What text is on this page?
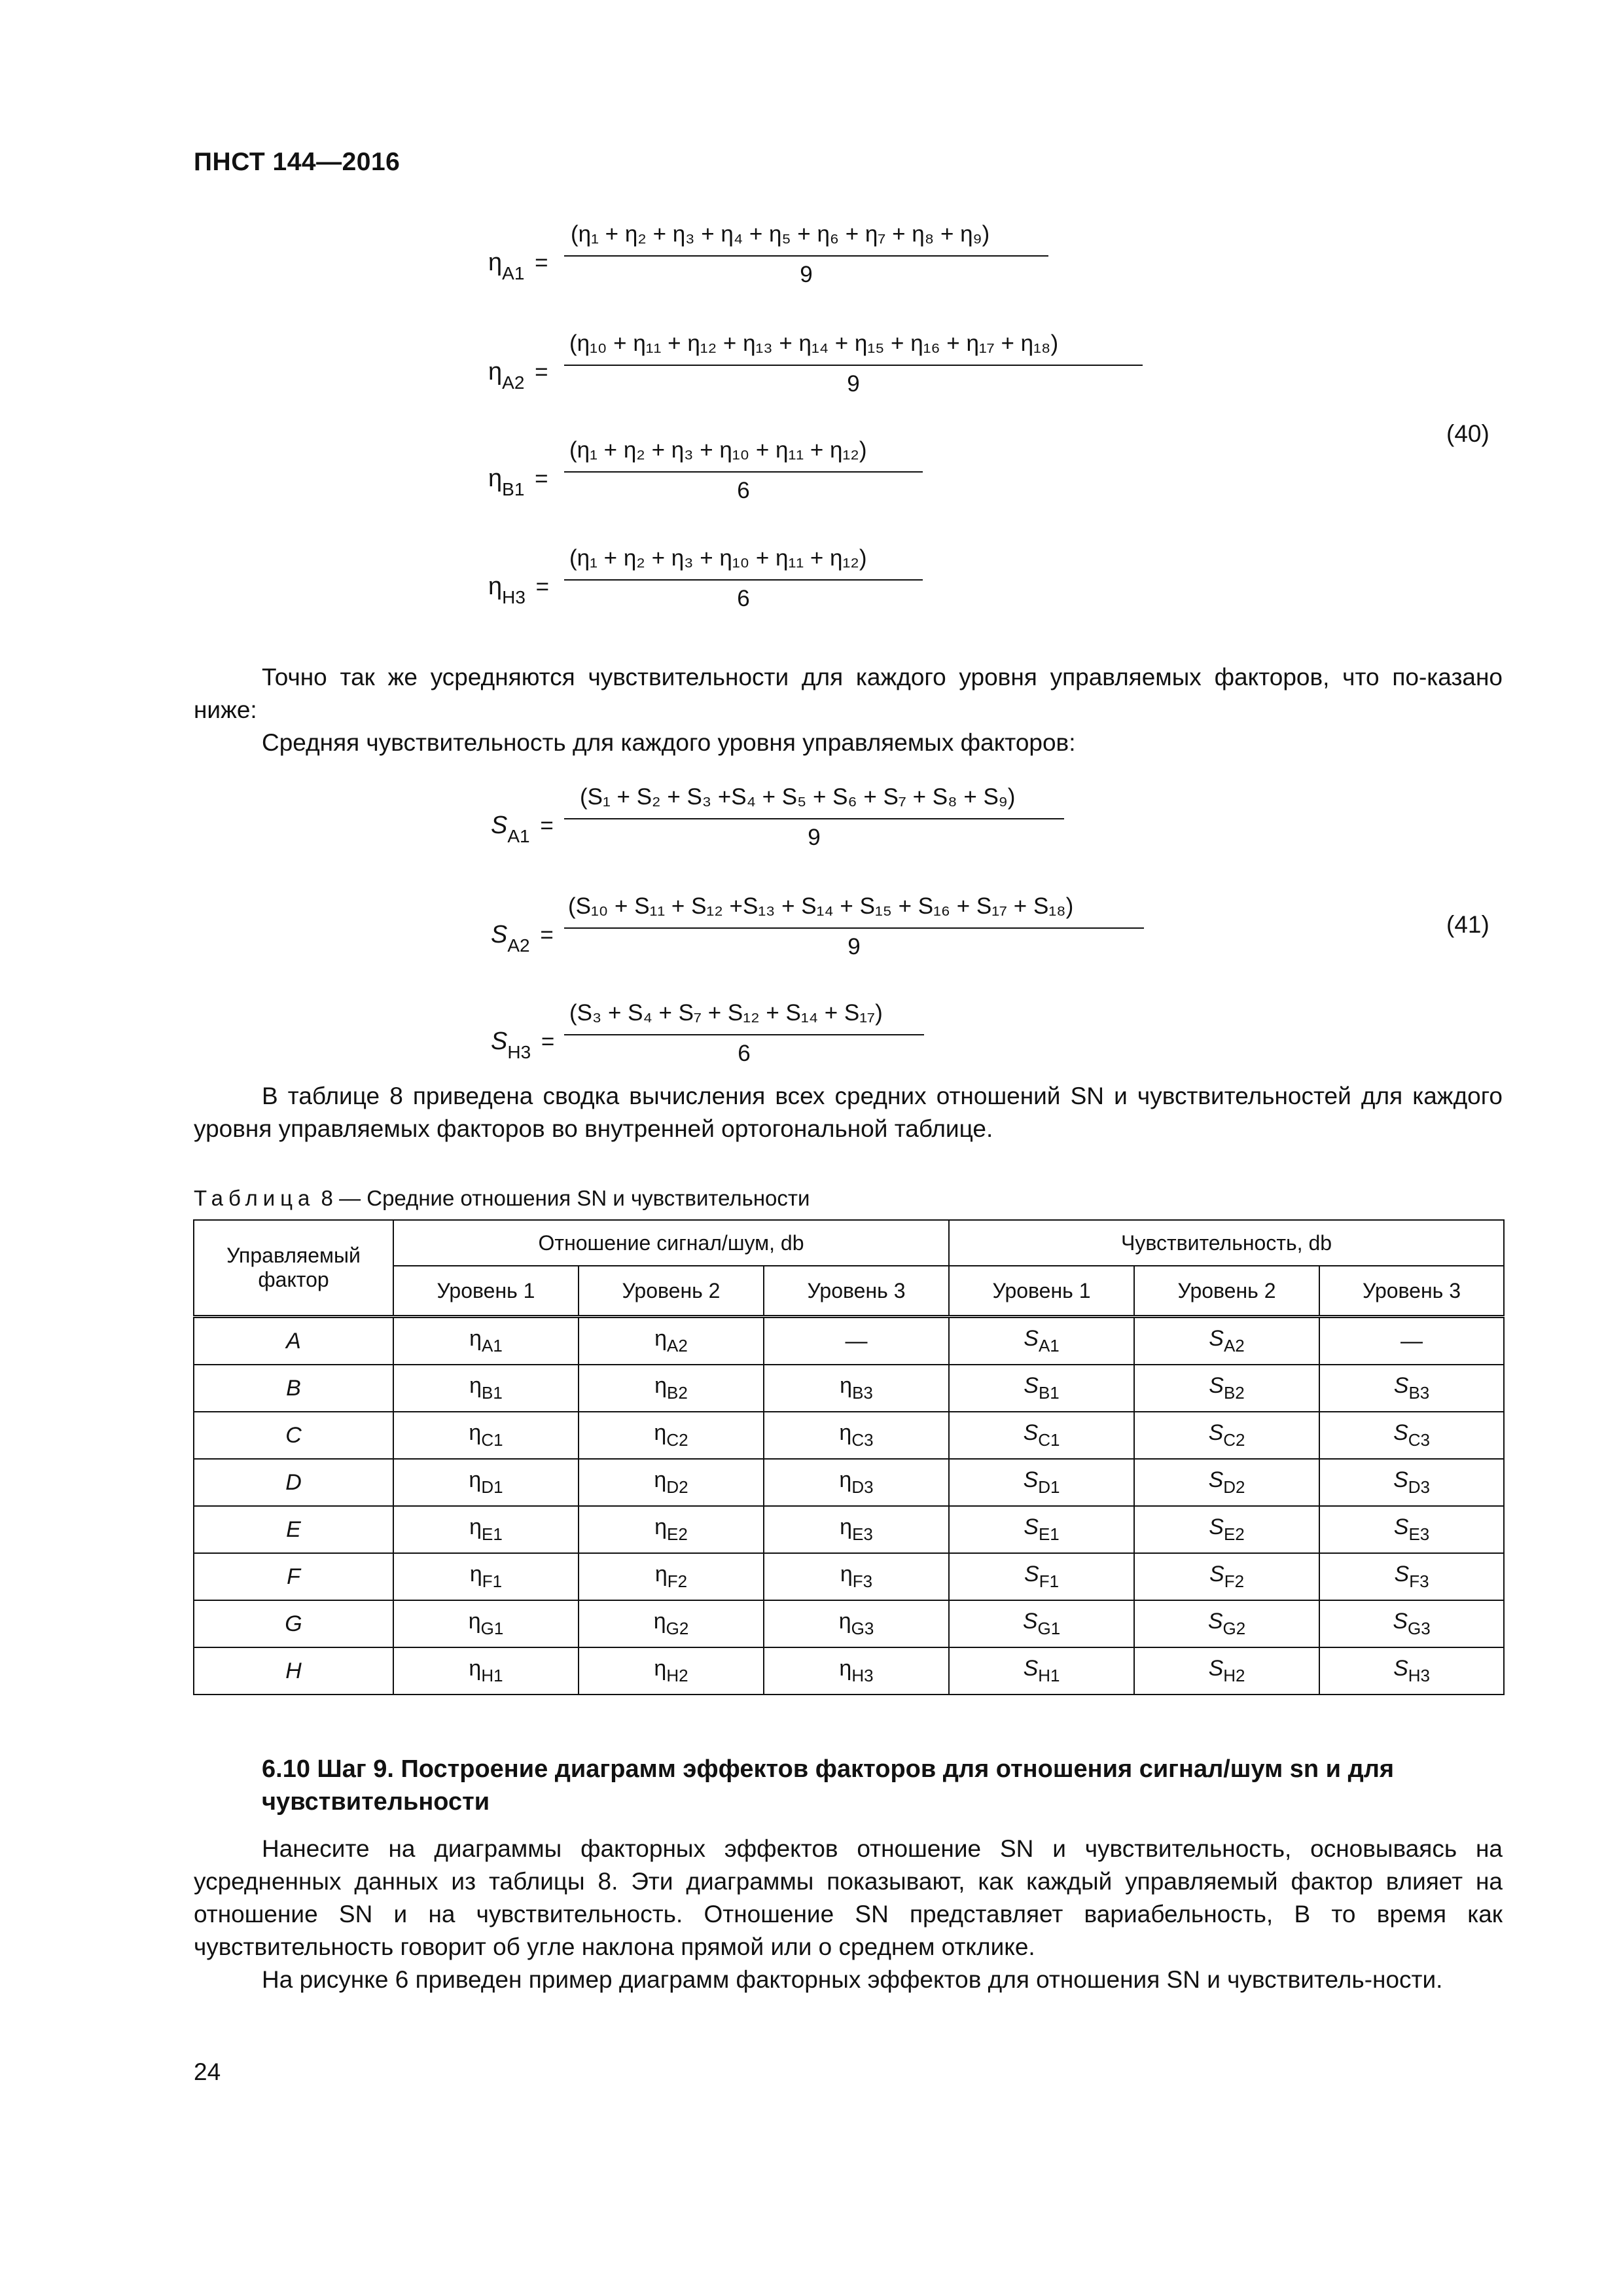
ПНСТ 144—2016
$\eta_{A1}$ =
(η₁ + η₂ + η₃ + η₄ + η₅ + η₆ + η₇ + η₈ + η₉)
9
$\eta_{A2}$ =
(η₁₀ + η₁₁ + η₁₂ + η₁₃ + η₁₄ + η₁₅ + η₁₆ + η₁₇ + η₁₈)
9
$\eta_{B1}$ =
(η₁ + η₂ + η₃ + η₁₀ + η₁₁ + η₁₂)
6
$\eta_{H3}$ =
(η₁ + η₂ + η₃ + η₁₀ + η₁₁ + η₁₂)
6
(40)
Точно так же усредняются чувствительности для каждого уровня управляемых факторов, что по-казано ниже:
Средняя чувствительность для каждого уровня управляемых факторов:
$S_{A1}$ =
(S₁ + S₂ + S₃ +S₄ + S₅ + S₆ + S₇ + S₈ + S₉)
9
$S_{A2}$ =
(S₁₀ + S₁₁ + S₁₂ +S₁₃ + S₁₄ + S₁₅ + S₁₆ + S₁₇ + S₁₈)
9
$S_{H3}$ =
(S₃ + S₄ + S₇ + S₁₂ + S₁₄ + S₁₇)
6
(41)
В таблице 8 приведена сводка вычисления всех средних отношений SN и чувствительностей для каждого уровня управляемых факторов во внутренней ортогональной таблице.
Таблица 8 — Средние отношения SN и чувствительности
Управляемый фактор	Отношение сигнал/шум, db			Чувствительность, db		
	Уровень 1	Уровень 2	Уровень 3	Уровень 1	Уровень 2	Уровень 3
A	$\eta_{A1}$	$\eta_{A2}$	—	$S_{A1}$	$S_{A2}$	—
B	$\eta_{B1}$	$\eta_{B2}$	$\eta_{B3}$	$S_{B1}$	$S_{B2}$	$S_{B3}$
C	$\eta_{C1}$	$\eta_{C2}$	$\eta_{C3}$	$S_{C1}$	$S_{C2}$	$S_{C3}$
D	$\eta_{D1}$	$\eta_{D2}$	$\eta_{D3}$	$S_{D1}$	$S_{D2}$	$S_{D3}$
E	$\eta_{E1}$	$\eta_{E2}$	$\eta_{E3}$	$S_{E1}$	$S_{E2}$	$S_{E3}$
F	$\eta_{F1}$	$\eta_{F2}$	$\eta_{F3}$	$S_{F1}$	$S_{F2}$	$S_{F3}$
G	$\eta_{G1}$	$\eta_{G2}$	$\eta_{G3}$	$S_{G1}$	$S_{G2}$	$S_{G3}$
H	$\eta_{H1}$	$\eta_{H2}$	$\eta_{H3}$	$S_{H1}$	$S_{H2}$	$S_{H3}$
6.10 Шаг 9. Построение диаграмм эффектов факторов для отношения сигнал/шум sn и для чувствительности
Нанесите на диаграммы факторных эффектов отношение SN и чувствительность, основываясь на усредненных данных из таблицы 8. Эти диаграммы показывают, как каждый управляемый фактор влияет на отношение SN и на чувствительность. Отношение SN представляет вариабельность, В то время как чувствительность говорит об угле наклона прямой или о среднем отклике.
На рисунке 6 приведен пример диаграмм факторных эффектов для отношения SN и чувствитель-ности.
24
